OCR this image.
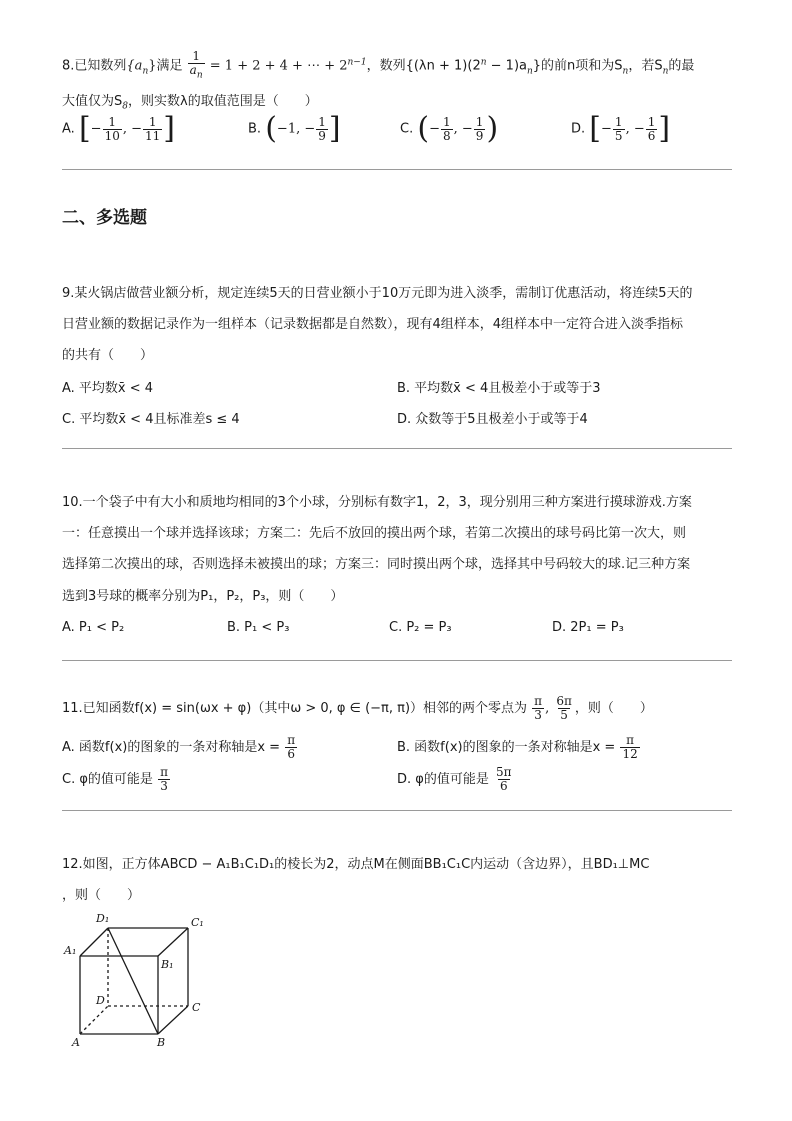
8.已知数列$\{a_n\}$满足 $\frac{1}{a_n} = 1 + 2 + 4$ + ⋯ + $2^{n-1}$，数列$\{(\lambda n + 1)(2^n - 1)a_n\}$的前n项和为$S_n$，若$S_n$的最
大值仅为$S_8$，则实数λ的取值范围是（　　）
A. [− $\frac{1}{10}$ , − $\frac{1}{11}$ ]	B. (−1, − $\frac{1}{9}$ ]	C. (− $\frac{1}{8}$ , − $\frac{1}{9}$ )	D. [− $\frac{1}{5}$ , − $\frac{1}{6}$ ]
二、多选题
9.某火锅店做营业额分析，规定连续5天的日营业额小于10万元即为进入淡季，需制订优惠活动，将连续5天的
日营业额的数据记录作为一组样本（记录数据都是自然数），现有4组样本，4组样本中一定符合进入淡季指标
的共有（　　）
A. 平均数x̄ < 4	B. 平均数x̄ < 4且极差小于或等于3
C. 平均数x̄ < 4且标准差s ≤ 4	D. 众数等于5且极差小于或等于4
10.一个袋子中有大小和质地均相同的3个小球，分别标有数字1，2，3，现分别用三种方案进行摸球游戏.方案
一：任意摸出一个球并选择该球；方案二：先后不放回的摸出两个球，若第二次摸出的球号码比第一次大，则
选择第二次摸出的球，否则选择未被摸出的球；方案三：同时摸出两个球，选择其中号码较大的球.记三种方案
选到3号球的概率分别为P₁，P₂，P₃，则（　　）
A. P₁ < P₂	B. P₁ < P₃	C. P₂ = P₃	D. 2P₁ = P₃
11.已知函数f(x) = sin(ωx + φ)（其中ω > 0, φ ∈ (−π, π)）相邻的两个零点为 $\frac{\pi}{3}$ , $\frac{6\pi}{5}$ ，则（　　）
A. 函数f(x)的图象的一条对称轴是$x = \frac{\pi}{6}$	B. 函数f(x)的图象的一条对称轴是$x = \frac{\pi}{12}$
C. φ的值可能是 $\frac{\pi}{3}$	D. φ的值可能是 $\frac{5\pi}{6}$
12.如图，正方体ABCD − A₁B₁C₁D₁的棱长为2，动点M在侧面BB₁C₁C内运动（含边界），且BD₁⊥MC
，则（　　）
D₁	C₁
A₁
B₁
D
C
A	B
